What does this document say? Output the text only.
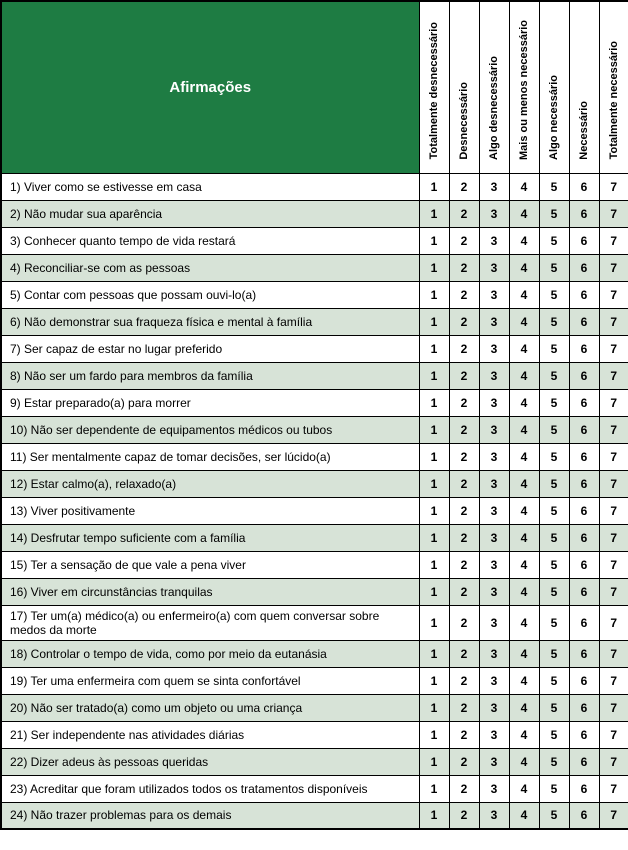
Afirmações	Totalmente desnecessário	Desnecessário	Algo desnecessário	Mais ou menos necessário	Algo necessário	Necessário	Totalmente necessário
1) Viver como se estivesse em casa	1	2	3	4	5	6	7
2) Não mudar sua aparência	1	2	3	4	5	6	7
3) Conhecer quanto tempo de vida restará	1	2	3	4	5	6	7
4) Reconciliar-se com as pessoas	1	2	3	4	5	6	7
5) Contar com pessoas que possam ouvi-lo(a)	1	2	3	4	5	6	7
6) Não demonstrar sua fraqueza física e mental à família	1	2	3	4	5	6	7
7) Ser capaz de estar no lugar preferido	1	2	3	4	5	6	7
8) Não ser um fardo para membros da família	1	2	3	4	5	6	7
9) Estar preparado(a) para morrer	1	2	3	4	5	6	7
10) Não ser dependente de equipamentos médicos ou tubos	1	2	3	4	5	6	7
11) Ser mentalmente capaz de tomar decisões, ser lúcido(a)	1	2	3	4	5	6	7
12) Estar calmo(a), relaxado(a)	1	2	3	4	5	6	7
13) Viver positivamente	1	2	3	4	5	6	7
14) Desfrutar tempo suficiente com a família	1	2	3	4	5	6	7
15) Ter a sensação de que vale a pena viver	1	2	3	4	5	6	7
16) Viver em circunstâncias tranquilas	1	2	3	4	5	6	7
17) Ter um(a) médico(a) ou enfermeiro(a) com quem conversar sobre medos da morte	1	2	3	4	5	6	7
18) Controlar o tempo de vida, como por meio da eutanásia	1	2	3	4	5	6	7
19) Ter uma enfermeira com quem se sinta confortável	1	2	3	4	5	6	7
20) Não ser tratado(a) como um objeto ou uma criança	1	2	3	4	5	6	7
21) Ser independente nas atividades diárias	1	2	3	4	5	6	7
22) Dizer adeus às pessoas queridas	1	2	3	4	5	6	7
23) Acreditar que foram utilizados todos os tratamentos disponíveis	1	2	3	4	5	6	7
24) Não trazer problemas para os demais	1	2	3	4	5	6	7
